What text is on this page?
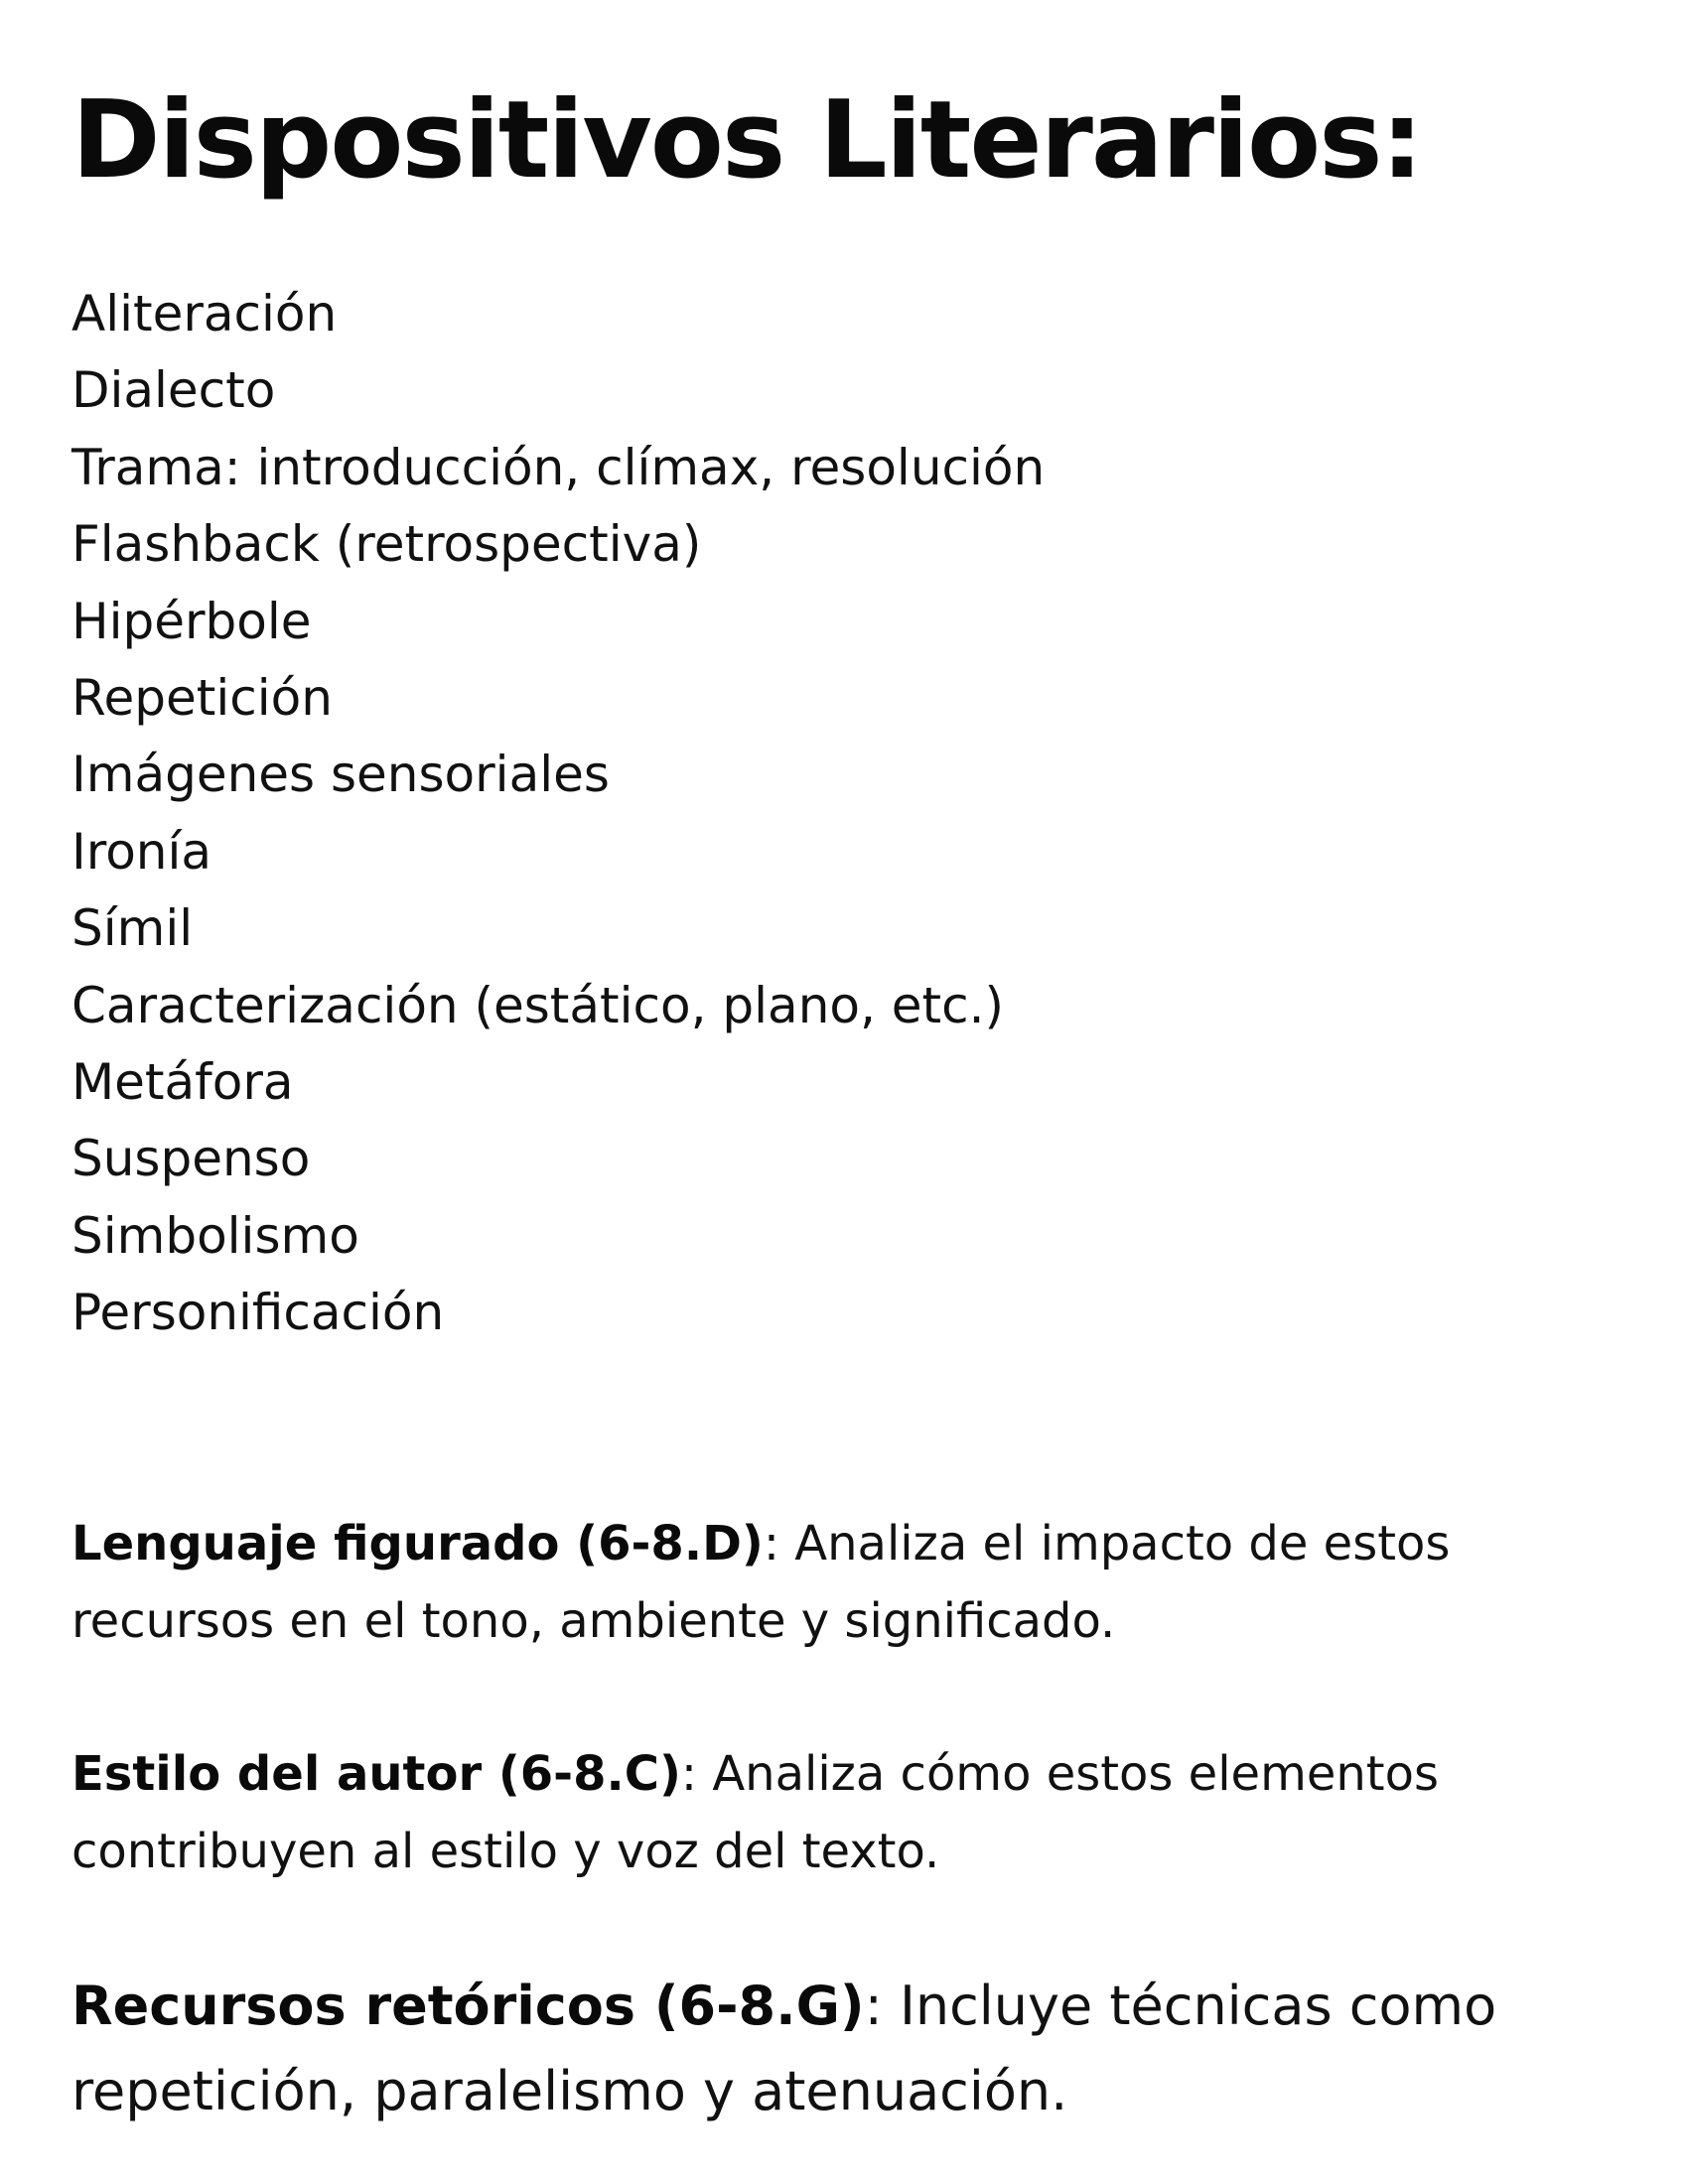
Dispositivos Literarios:
Aliteración
Dialecto
Trama: introducción, clímax, resolución
Flashback (retrospectiva)
Hipérbole
Repetición
Imágenes sensoriales
Ironía
Símil
Caracterización (estático, plano, etc.)
Metáfora
Suspenso
Simbolismo
Personificación

Lenguaje figurado (6-8.D): Analiza el impacto de estos recursos en el tono, ambiente y significado.

Estilo del autor (6-8.C): Analiza cómo estos elementos contribuyen al estilo y voz del texto.

Recursos retóricos (6-8.G): Incluye técnicas como repetición, paralelismo y atenuación.
